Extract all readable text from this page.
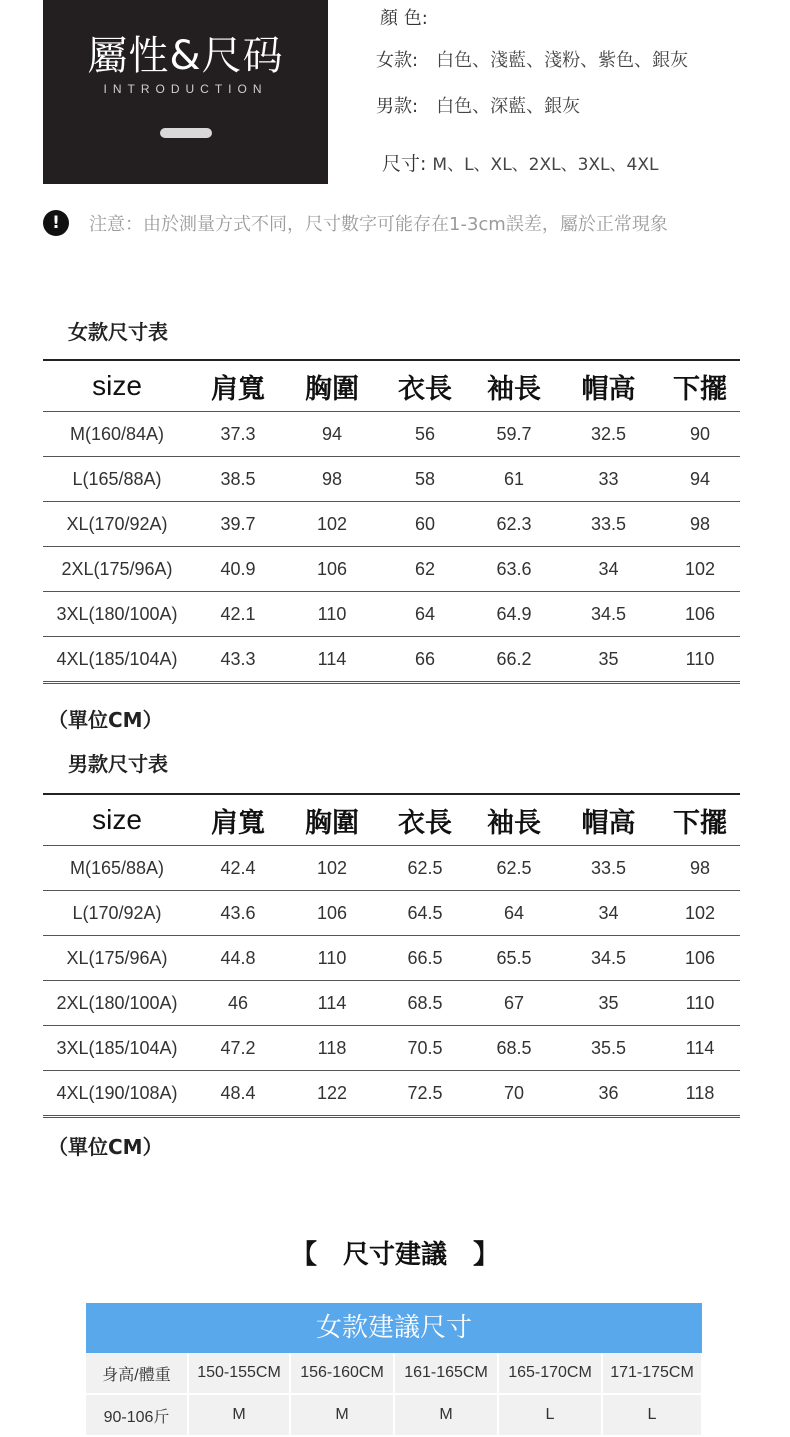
屬性&尺码
INTRODUCTION
顏 色:
女款: 白色、淺藍、淺粉、紫色、銀灰
男款: 白色、深藍、銀灰
尺寸: M、L、XL、2XL、3XL、4XL
! 注意：由於測量方式不同，尺寸數字可能存在1-3cm誤差，屬於正常現象
女款尺寸表
size	肩寬	胸圍	衣長	袖長	帽高	下擺
M(160/84A)	37.3	94	56	59.7	32.5	90
L(165/88A)	38.5	98	58	61	33	94
XL(170/92A)	39.7	102	60	62.3	33.5	98
2XL(175/96A)	40.9	106	62	63.6	34	102
3XL(180/100A)	42.1	110	64	64.9	34.5	106
4XL(185/104A)	43.3	114	66	66.2	35	110
（單位CM）
男款尺寸表
size	肩寬	胸圍	衣長	袖長	帽高	下擺
M(165/88A)	42.4	102	62.5	62.5	33.5	98
L(170/92A)	43.6	106	64.5	64	34	102
XL(175/96A)	44.8	110	66.5	65.5	34.5	106
2XL(180/100A)	46	114	68.5	67	35	110
3XL(185/104A)	47.2	118	70.5	68.5	35.5	114
4XL(190/108A)	48.4	122	72.5	70	36	118
（單位CM）
【　尺寸建議　】
女款建議尺寸
身高/體重	150-155CM	156-160CM	161-165CM	165-170CM	171-175CM
90-106斤	M	M	M	L	L
